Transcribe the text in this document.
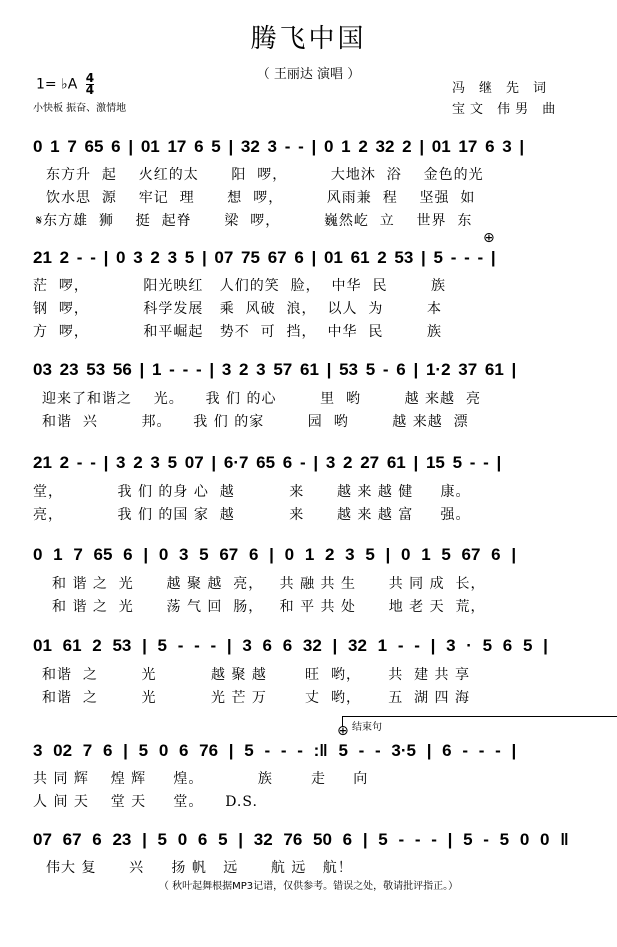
腾飞中国
（ 王丽达 演唱 ）
1= ♭A $\frac{4}{4}$
小快板 振奋、激情地
冯继先词
宝文 伟男 曲
0 1 7 65 6 | 01 17 6 5 | 32 3 - - | 0 1 2 32 2 | 01 17 6 3 |
东方升  起    火红的太      阳  啰，        大地沐  浴    金色的光
饮水思  源    牢记  理      想  啰，        风雨兼  程    坚强  如
𝄋东方雄  狮    挺  起脊      梁  啰，        巍然屹  立    世界  东
⊕
21 2 - - | 0 3 2 3 5 | 07 75 67 6 | 01 61 2 53 | 5 - - - |
茫  啰，          阳光映红   人们的笑  脸，  中华  民        族
钢  啰，          科学发展   乘  风破  浪，  以人  为        本
方  啰，          和平崛起   势不  可  挡，  中华  民        族
03 23 53 56 | 1 - - - | 3 2 3 57 61 | 53 5 - 6 | 1·2 37 61 |
迎来了和谐之    光。    我 们 的心        里  哟        越 来越  亮
和谐  兴        邦。    我 们 的家        园  哟        越 来越  漂
21 2 - - | 3 2 3 5 07 | 6·7 65 6 - | 3 2 27 61 | 15 5 - - |
堂，          我 们 的身 心  越          来      越 来 越 健     康。
亮，          我 们 的国 家  越          来      越 来 越 富     强。
0 1 7 65 6 | 0 3 5 67 6 | 0 1 2 3 5 | 0 1 5 67 6 |
和 谐 之  光      越 聚 越  亮，   共 融 共 生      共 同 成  长，
和 谐 之  光      荡 气 回  肠，   和 平 共 处      地 老 天  荒，
01 61 2 53 | 5 - - - | 3 6 6 32 | 32 1 - - | 3 · 5 6 5 |
和谐  之        光          越 聚 越       旺  哟，     共  建 共 享
和谐  之        光          光 芒 万       丈  哟，     五  湖 四 海
结束句
⊕
3 02 7 6 | 5 0 6 76 | 5 - - - :‖ 5 - - 3·5 | 6 - - - |
共 同 辉    煌 辉     煌。          族       走     向
人 间 天    堂 天     堂。    D.S.
07 67 6 23 | 5 0 6 5 | 32 76 50 6 | 5 - - - | 5 - 5 0 0 ‖
伟大 复      兴     扬 帆   远      航 远   航！
（ 秋叶起舞根据MP3记谱，仅供参考。错误之处，敬请批评指正。）
